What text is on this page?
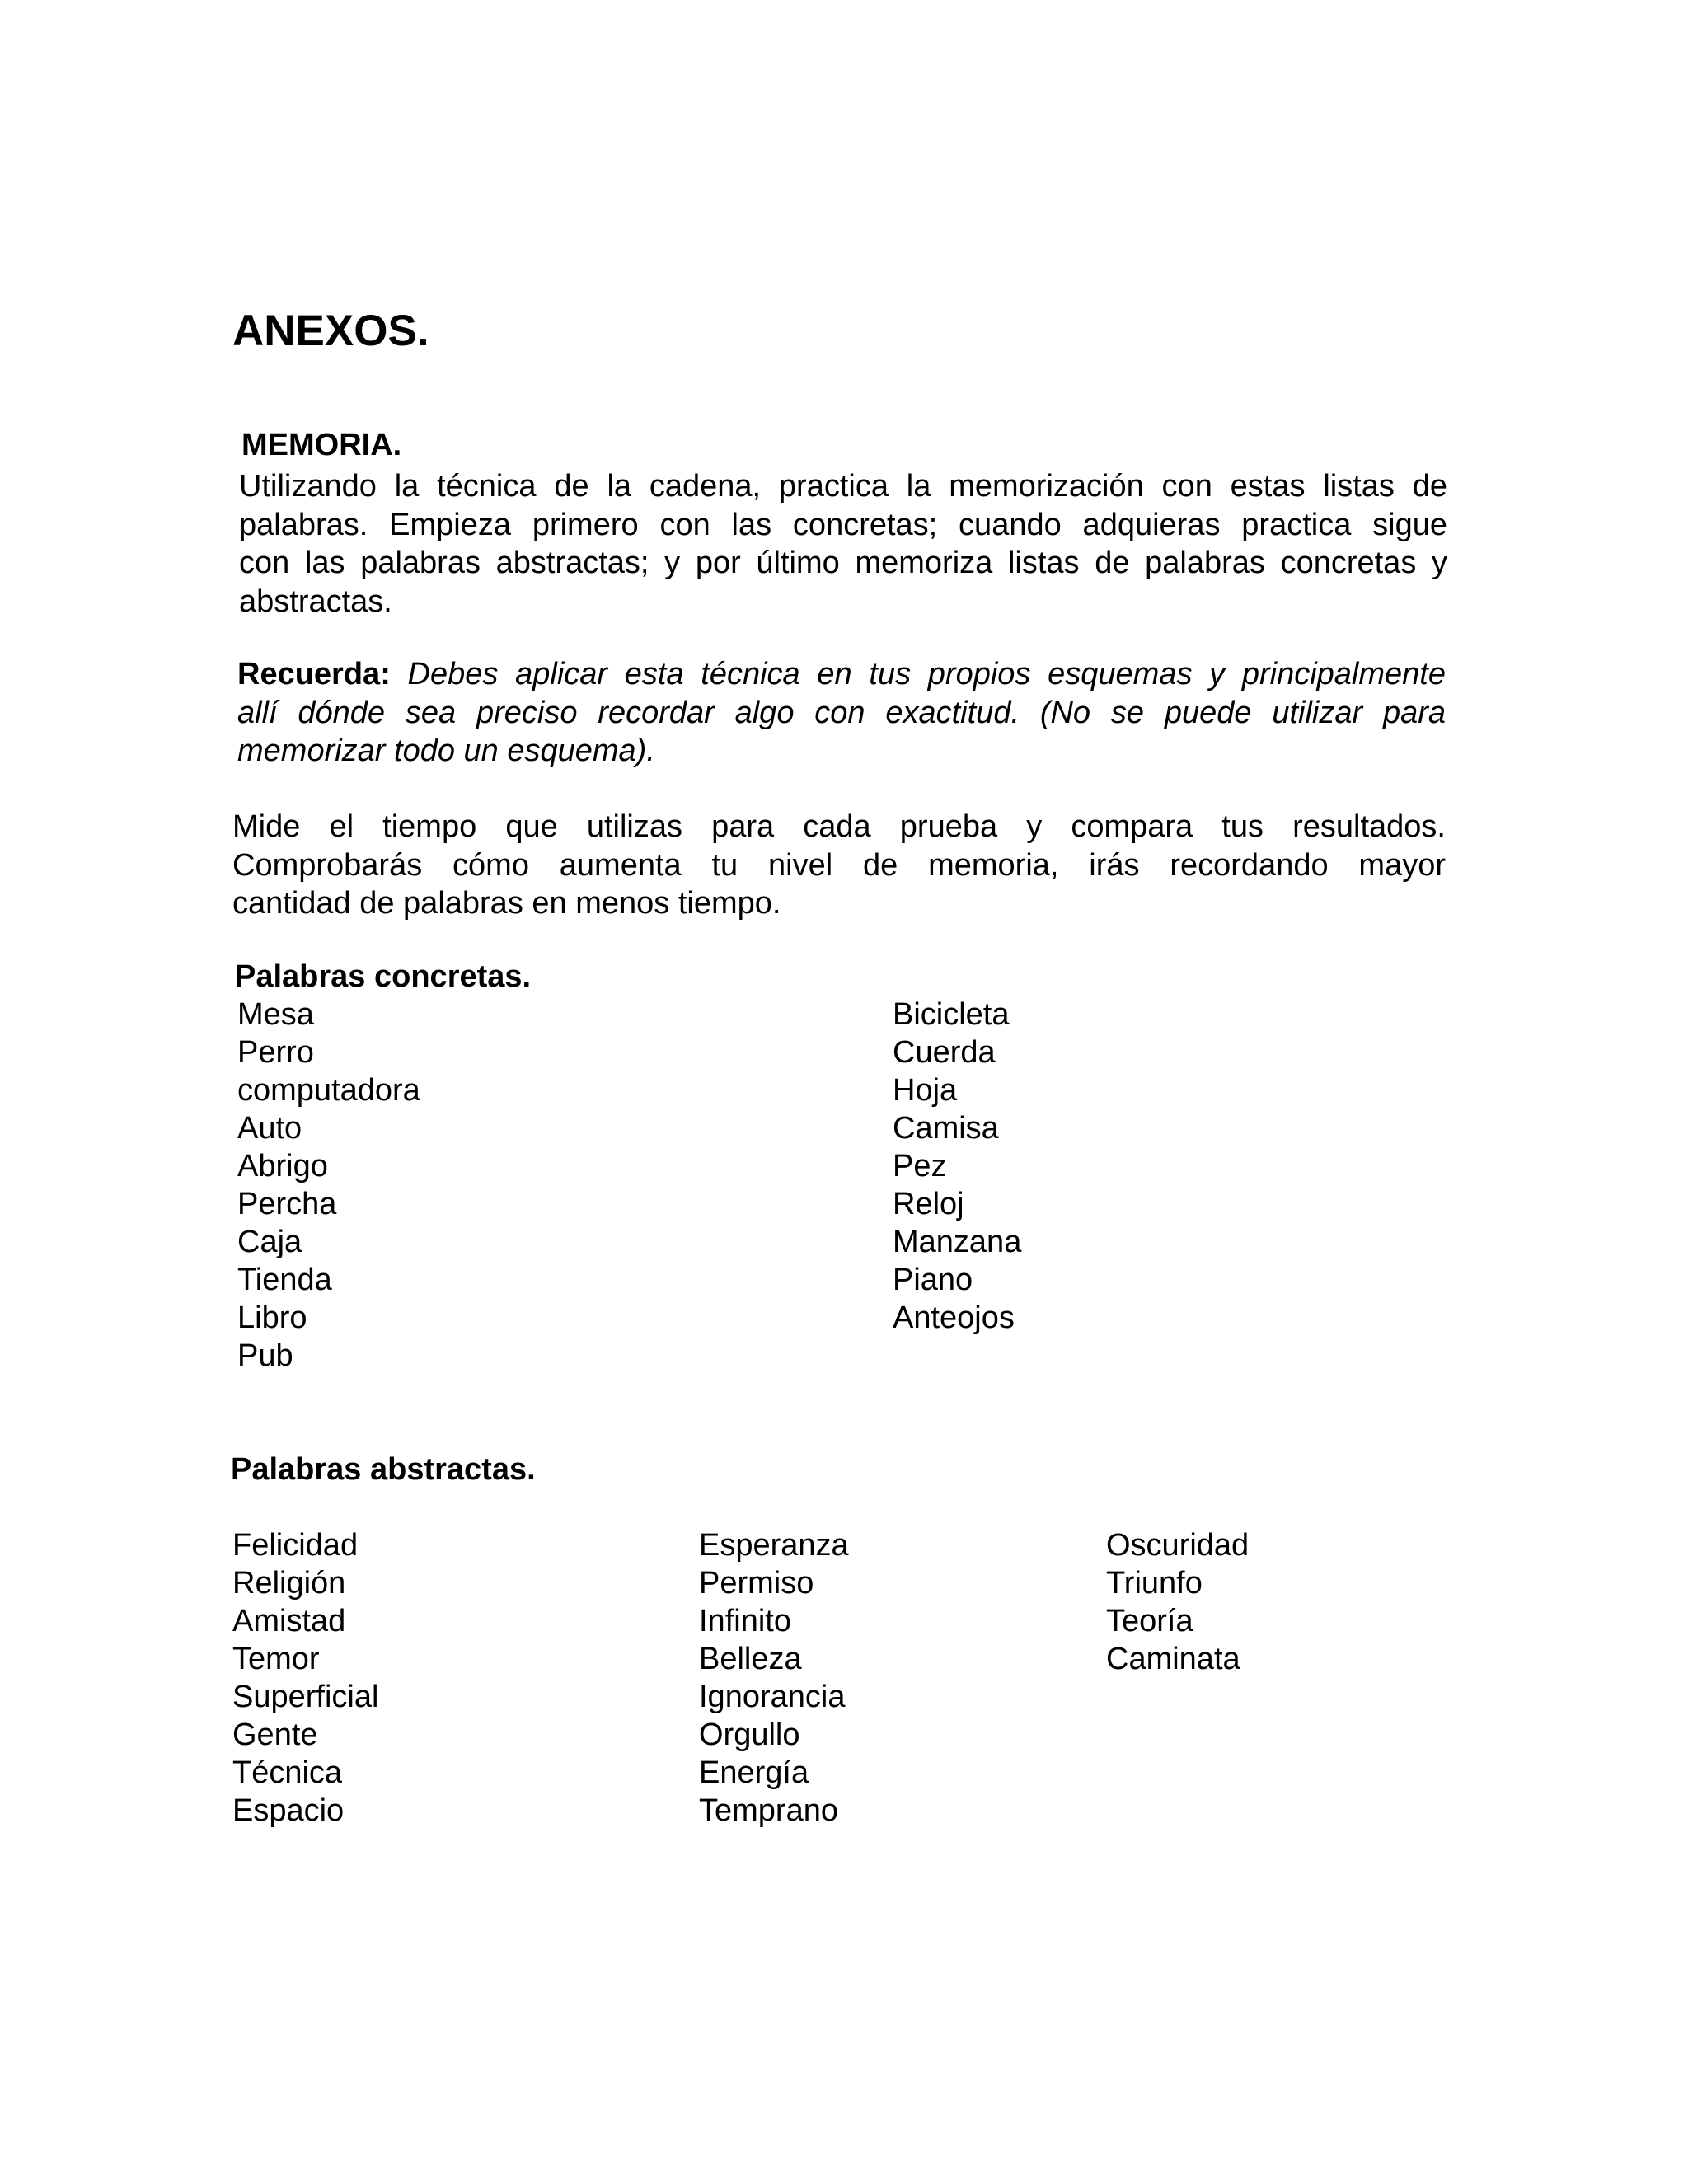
ANEXOS.
MEMORIA.
Utilizando la técnica de la cadena, practica la memorización con estas listas de
palabras. Empieza primero con las concretas; cuando adquieras practica sigue
con las palabras abstractas; y por último memoriza listas de palabras concretas y
abstractas.
Recuerda: Debes aplicar esta técnica en tus propios esquemas y principalmente
allí dónde sea preciso recordar algo con exactitud. (No se puede utilizar para
memorizar todo un esquema).
Mide el tiempo que utilizas para cada prueba y compara tus resultados.
Comprobarás cómo aumenta tu nivel de memoria, irás recordando mayor
cantidad de palabras en menos tiempo.
Palabras concretas.
Mesa
Perro
computadora
Auto
Abrigo
Percha
Caja
Tienda
Libro
Pub
Bicicleta
Cuerda
Hoja
Camisa
Pez
Reloj
Manzana
Piano
Anteojos
Palabras abstractas.
Felicidad
Religión
Amistad
Temor
Superficial
Gente
Técnica
Espacio
Esperanza
Permiso
Infinito
Belleza
Ignorancia
Orgullo
Energía
Temprano
Oscuridad
Triunfo
Teoría
Caminata
